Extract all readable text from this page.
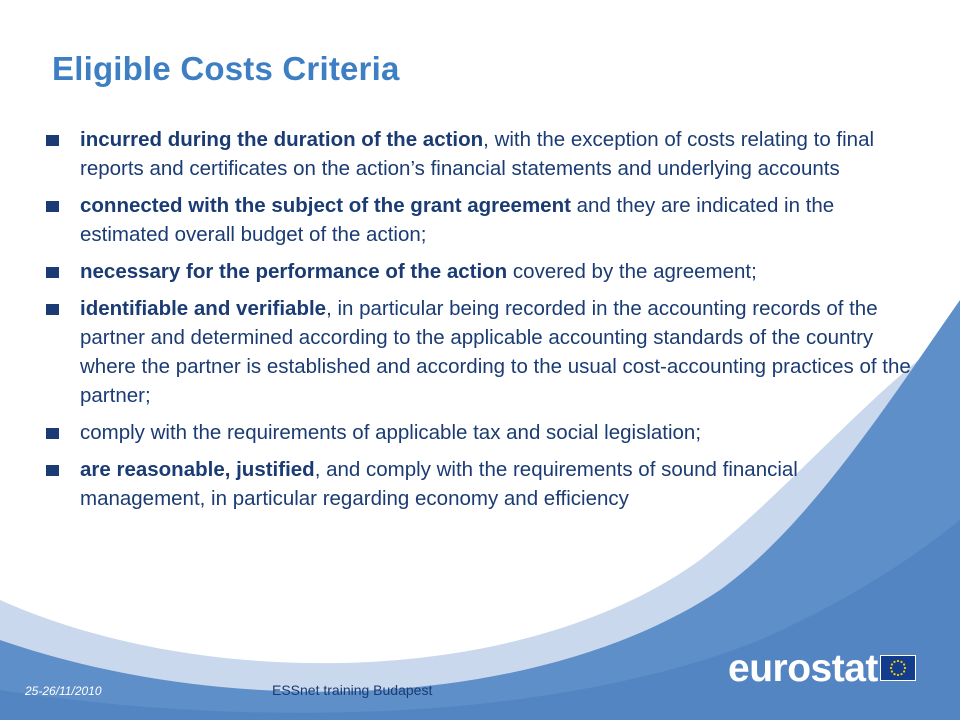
Eligible Costs Criteria
incurred during the duration of the action, with the exception of costs relating to final reports and certificates on the action’s financial statements and underlying accounts
connected with the subject of the grant agreement and they are indicated in the estimated overall budget of the action;
necessary for the performance of the action covered by the agreement;
identifiable and verifiable, in particular being recorded in the accounting records of the partner and determined according to the applicable accounting standards of the country where the partner is established and according to the usual cost-accounting practices of the partner;
comply with the requirements of applicable tax and social legislation;
are reasonable, justified, and comply with the requirements of sound financial management, in particular regarding economy and efficiency
25-26/11/2010	ESSnet training Budapest	eurostat
